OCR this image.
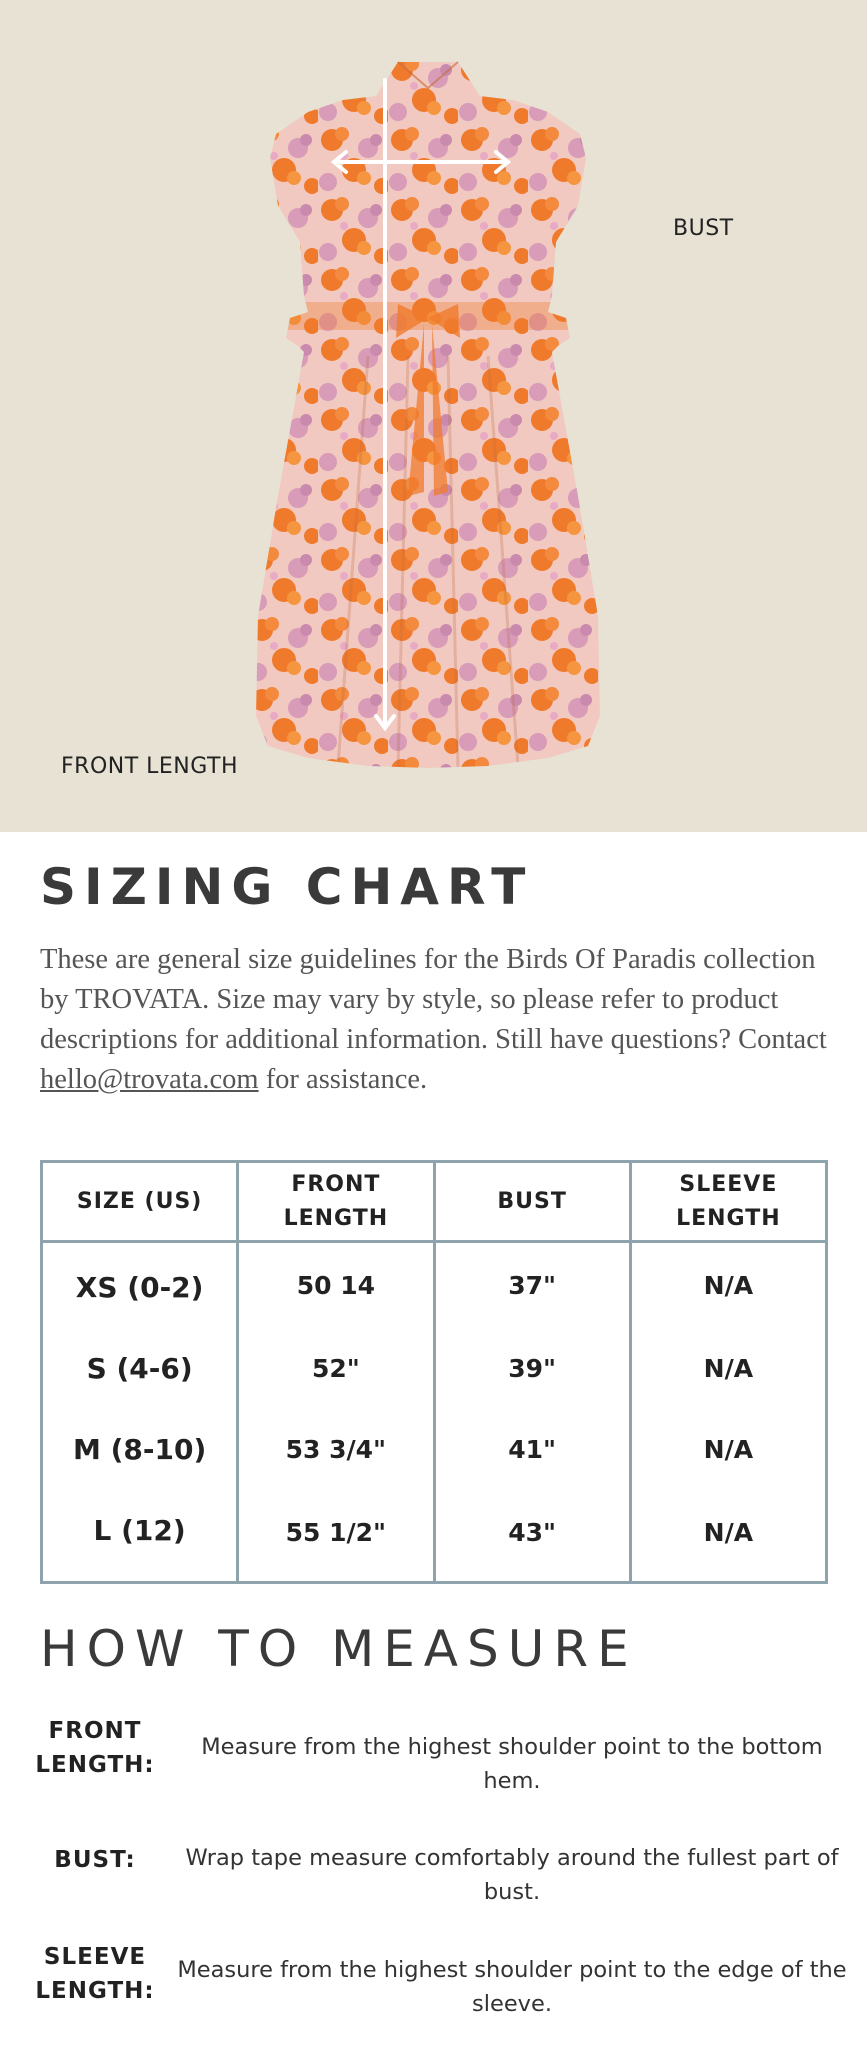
BUST
FRONT LENGTH
SIZING CHART

These are general size guidelines for the Birds Of Paradis collection by TROVATA. Size may vary by style, so please refer to product descriptions for additional information. Still have questions? Contact hello@trovata.com for assistance.

SIZE (US)	FRONT LENGTH	BUST	SLEEVE LENGTH
XS (0-2)	50 14	37"	N/A
S (4-6)	52"	39"	N/A
M (8-10)	53 3/4"	41"	N/A
L (12)	55 1/2"	43"	N/A
HOW TO MEASURE
FRONT LENGTH:
Measure from the highest shoulder point to the bottom hem.
BUST:	Wrap tape measure comfortably around the fullest part of bust.
SLEEVE LENGTH:
Measure from the highest shoulder point to the edge of the sleeve.
